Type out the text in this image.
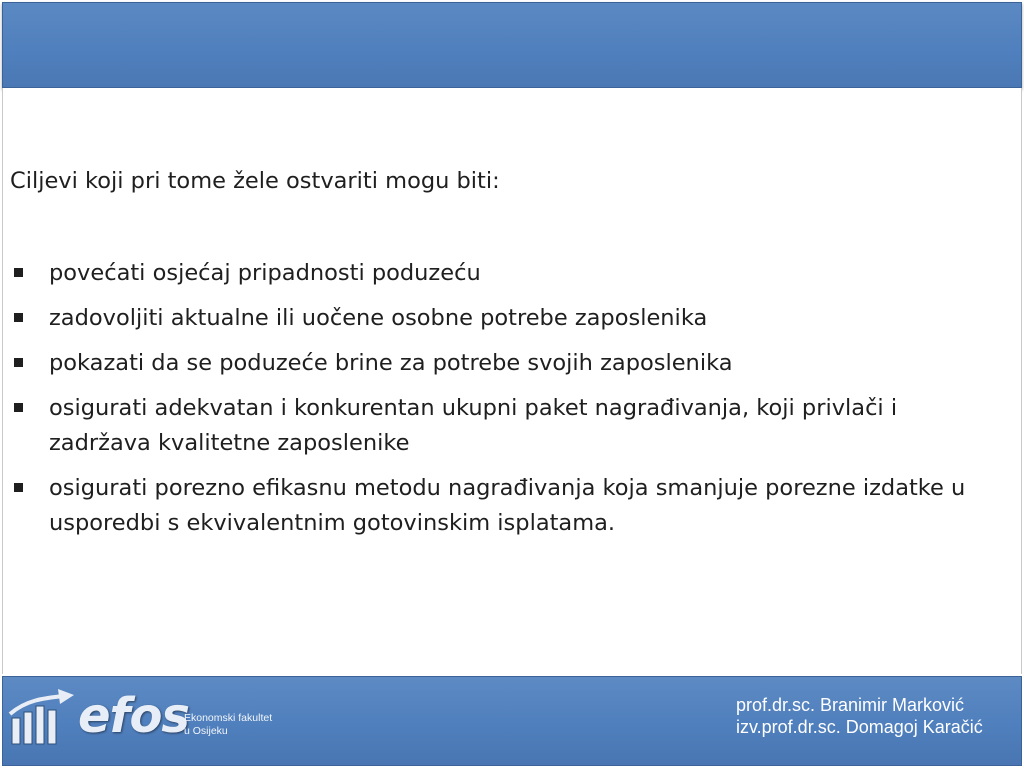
Ciljevi koji pri tome žele ostvariti mogu biti:
povećati osjećaj pripadnosti poduzeću
zadovoljiti aktualne ili uočene osobne potrebe zaposlenika
pokazati da se poduzeće brine za potrebe svojih zaposlenika
osigurati adekvatan i konkurentan ukupni paket nagrađivanja, koji privlači i zadržava kvalitetne zaposlenike
osigurati porezno efikasnu metodu nagrađivanja koja smanjuje porezne izdatke u usporedbi s ekvivalentnim gotovinskim isplatama.
efos
Ekonomski fakultet
u Osijeku
prof.dr.sc. Branimir Marković
izv.prof.dr.sc. Domagoj Karačić
